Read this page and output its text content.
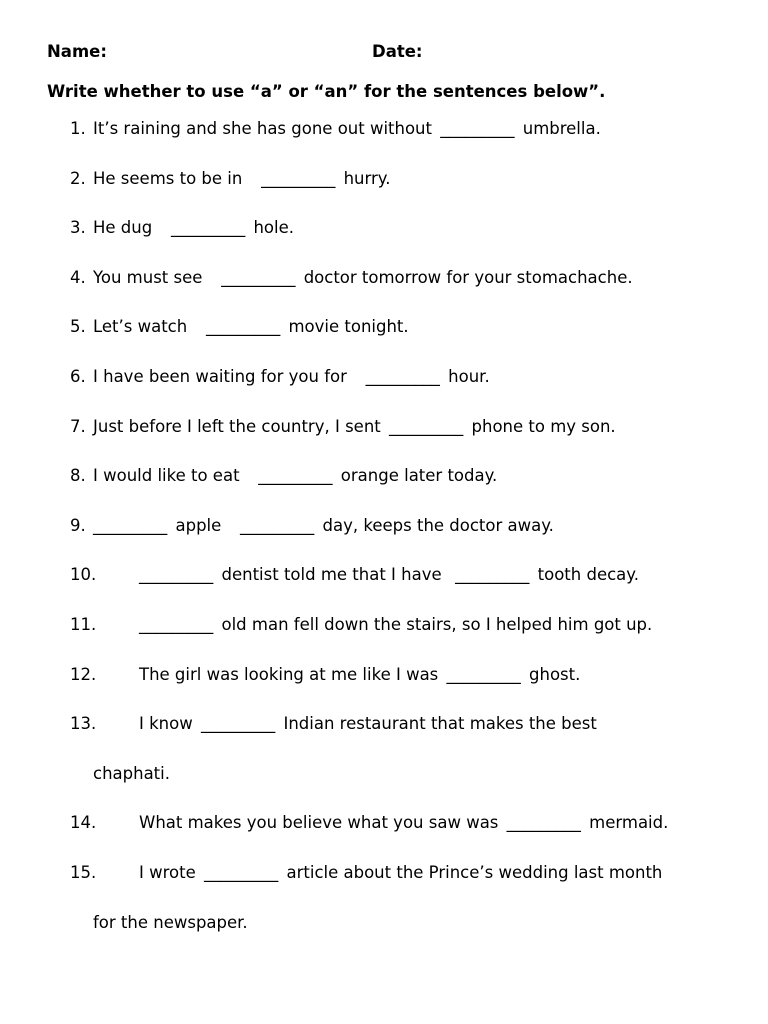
Name:	Date:
Write whether to use “a” or “an” for the sentences below”.
1. It’s raining and she has gone out without _________ umbrella.
2. He seems to be in _________ hurry.
3. He dug _________ hole.
4. You must see _________ doctor tomorrow for your stomachache.
5. Let’s watch _________ movie tonight.
6. I have been waiting for you for _________ hour.
7. Just before I left the country, I sent _________ phone to my son.
8. I would like to eat _________ orange later today.
9. _________ apple _________ day, keeps the doctor away.
10.	_________ dentist told me that I have _________ tooth decay.
11.	_________ old man fell down the stairs, so I helped him got up.
12.	The girl was looking at me like I was _________ ghost.
13.	I know _________ Indian restaurant that makes the best
chaphati.
14.	What makes you believe what you saw was _________ mermaid.
15.	I wrote _________ article about the Prince’s wedding last month
for the newspaper.
